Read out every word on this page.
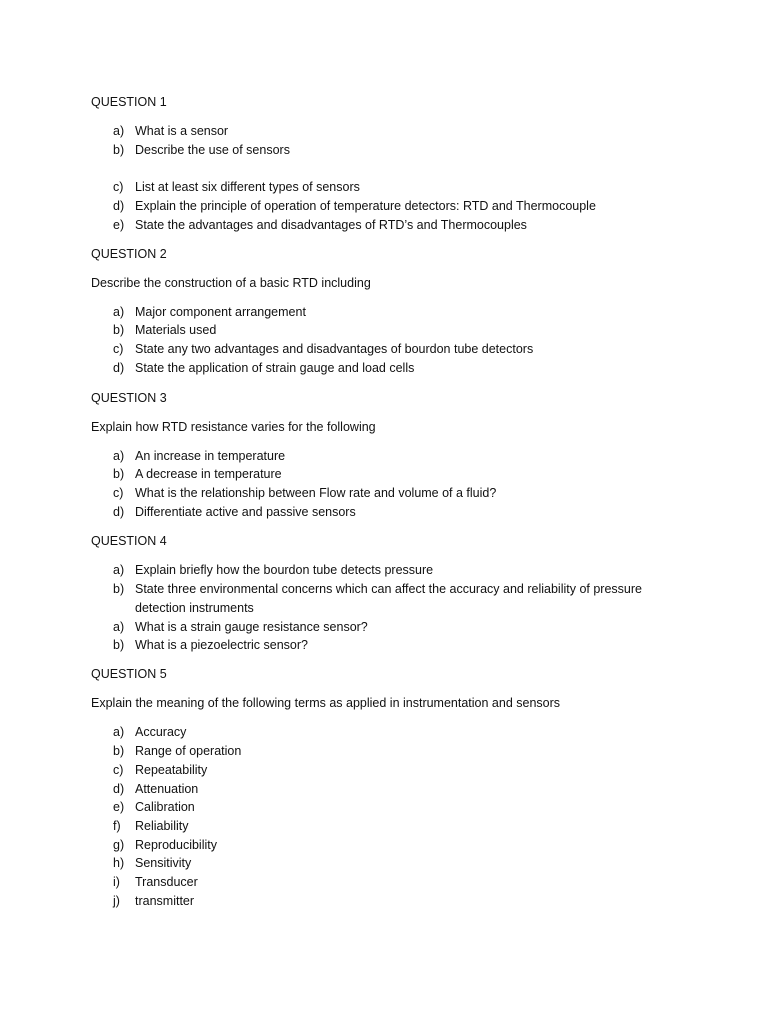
QUESTION 1
a) What is a sensor
b) Describe the use of sensors
c) List at least six different types of sensors
d) Explain the principle of operation of temperature detectors: RTD and Thermocouple
e) State the advantages and disadvantages of RTD’s and Thermocouples
QUESTION 2
Describe the construction of a basic RTD including
a) Major component arrangement
b) Materials used
c) State any two advantages and disadvantages of bourdon tube detectors
d) State the application of strain gauge and load cells
QUESTION 3
Explain how RTD resistance varies for the following
a) An increase in temperature
b) A decrease in temperature
c) What is the relationship between Flow rate and volume of a fluid?
d) Differentiate active and passive sensors
QUESTION 4
a) Explain briefly how the bourdon tube detects pressure
b) State three environmental concerns which can affect the accuracy and reliability of pressure
detection instruments
a) What is a strain gauge resistance sensor?
b) What is a piezoelectric sensor?
QUESTION 5
Explain the meaning of the following terms as applied in instrumentation and sensors
a) Accuracy
b) Range of operation
c) Repeatability
d) Attenuation
e) Calibration
f)	Reliability
g) Reproducibility
h) Sensitivity
i)	Transducer
j)	transmitter
